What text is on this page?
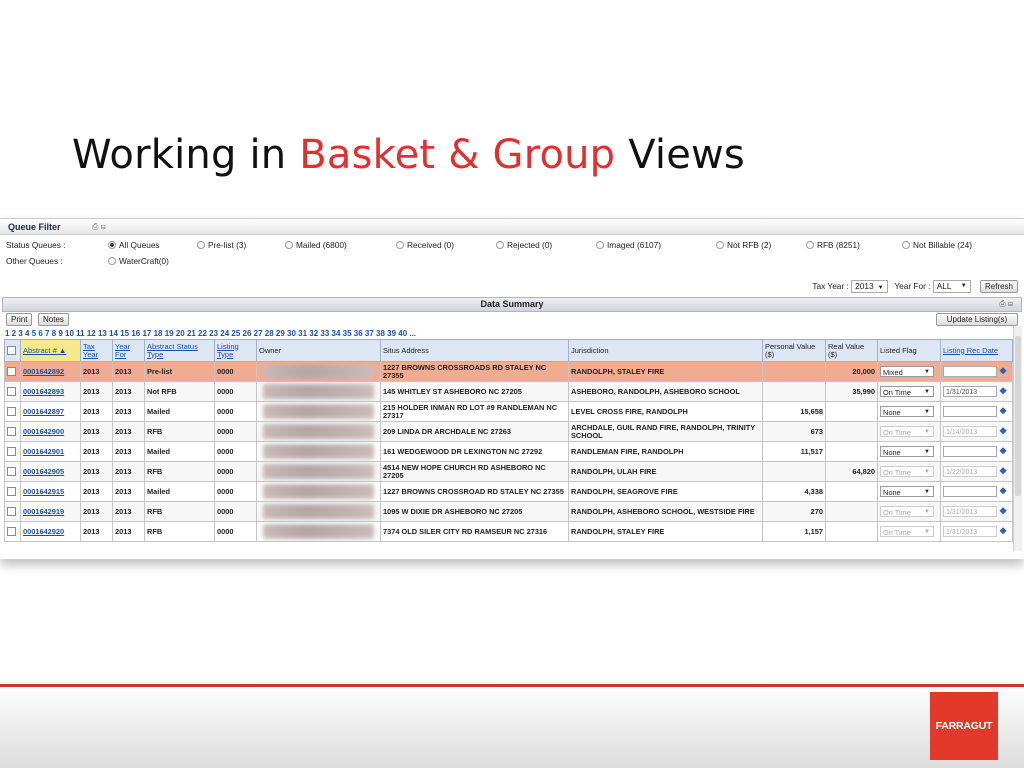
Working in Basket & Group Views
Queue Filter	⎙ ⊟
Status Queues :	All Queues	Pre-list (3)	Mailed (6800)	Received (0)	Rejected (0)	Imaged (6107)	Not RFB (2)	RFB (8251)	Not Billable (24)
Other Queues :	WaterCraft(0)
Tax Year : 2013 ▼ Year For : ALL ▼ Refresh
Data Summary	⎙ ⊟
Print	Notes	Update Listing(s)
1 2 3 4 5 6 7 8 9 10 11 12 13 14 15 16 17 18 19 20 21 22 23 24 25 26 27 28 29 30 31 32 33 34 35 36 37 38 39 40 ...
	Abstract # ▲	Tax Year	Year For	Abstract Status Type	Listing Type	Owner	Situs Address	Jurisdiction	Personal Value ($)	Real Value ($)	Listed Flag	Listing Rec Date
	0001642892	2013	2013	Pre-list	0000		1227 BROWNS CROSSROADS RD STALEY NC 27355	RANDOLPH, STALEY FIRE		20,000	Mixed ▼	❖
	0001642893	2013	2013	Not RFB	0000		145 WHITLEY ST ASHEBORO NC 27205	ASHEBORO, RANDOLPH, ASHEBORO SCHOOL		35,990	On Time ▼	1/31/2013 ❖
	0001642897	2013	2013	Mailed	0000		215 HOLDER INMAN RD LOT #9 RANDLEMAN NC 27317	LEVEL CROSS FIRE, RANDOLPH	15,658		None ▼	❖
	0001642900	2013	2013	RFB	0000		209 LINDA DR ARCHDALE NC 27263	ARCHDALE, GUIL RAND FIRE, RANDOLPH, TRINITY SCHOOL	673		On Time ▼	1/14/2013 ❖
	0001642901	2013	2013	Mailed	0000		161 WEDGEWOOD DR LEXINGTON NC 27292	RANDLEMAN FIRE, RANDOLPH	11,517		None ▼	❖
	0001642905	2013	2013	RFB	0000		4514 NEW HOPE CHURCH RD ASHEBORO NC 27205	RANDOLPH, ULAH FIRE		64,820	On Time ▼	1/22/2013 ❖
	0001642915	2013	2013	Mailed	0000		1227 BROWNS CROSSROAD RD STALEY NC 27355	RANDOLPH, SEAGROVE FIRE	4,338		None ▼	❖
	0001642919	2013	2013	RFB	0000		1095 W DIXIE DR ASHEBORO NC 27205	RANDOLPH, ASHEBORO SCHOOL, WESTSIDE FIRE	270		On Time ▼	1/31/2013 ❖
	0001642920	2013	2013	RFB	0000		7374 OLD SILER CITY RD RAMSEUR NC 27316	RANDOLPH, STALEY FIRE	1,157		On Time ▼	1/31/2013 ❖
FARRAGUT
